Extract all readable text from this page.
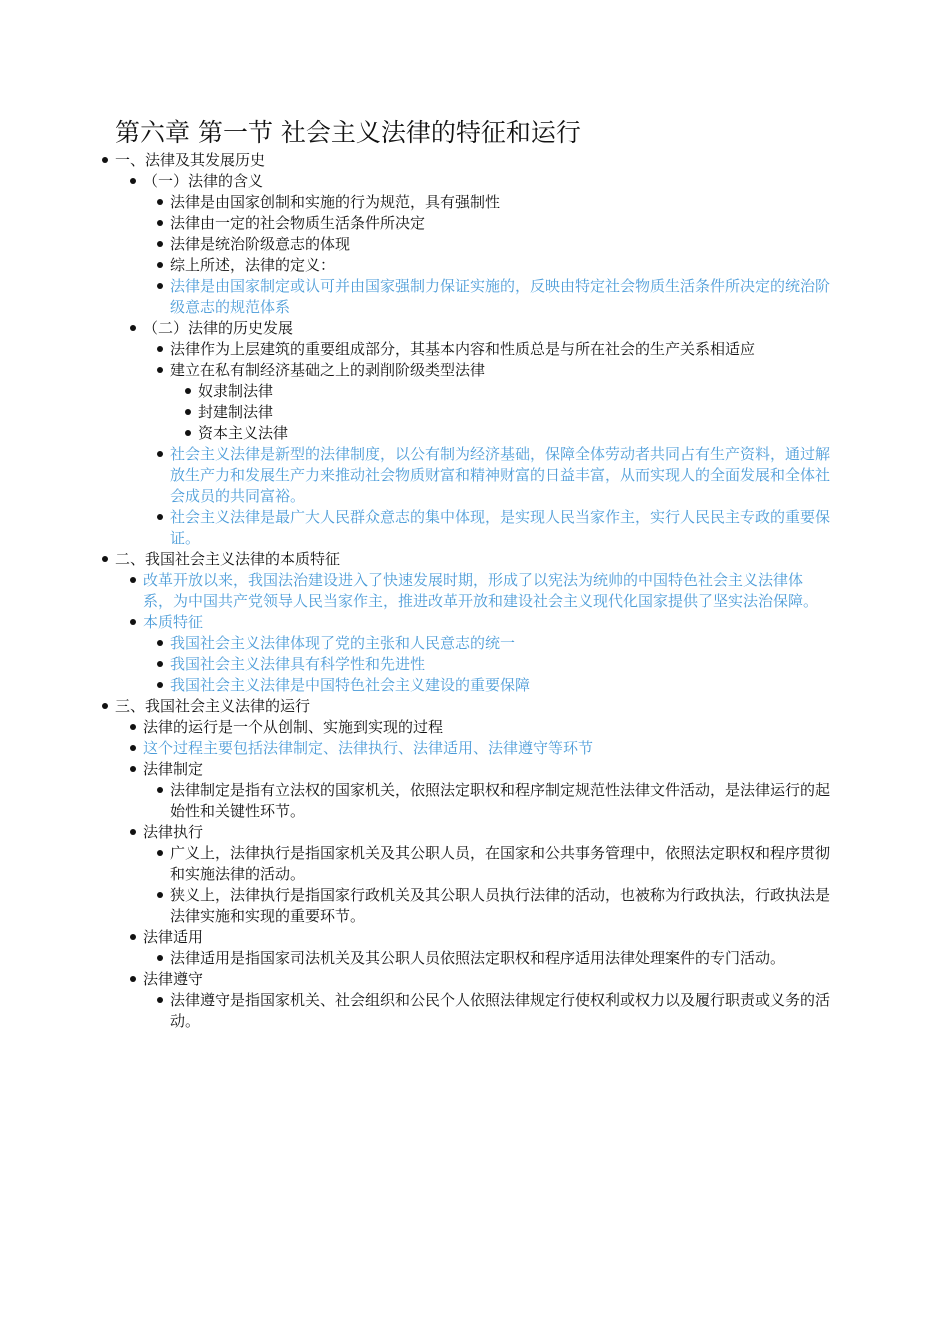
第六章 第一节 社会主义法律的特征和运行
一、法律及其发展历史
（一）法律的含义
法律是由国家创制和实施的行为规范，具有强制性
法律由一定的社会物质生活条件所决定
法律是统治阶级意志的体现
综上所述，法律的定义：
法律是由国家制定或认可并由国家强制力保证实施的，反映由特定社会物质生活条件所决定的统治阶级意志的规范体系
（二）法律的历史发展
法律作为上层建筑的重要组成部分，其基本内容和性质总是与所在社会的生产关系相适应
建立在私有制经济基础之上的剥削阶级类型法律
奴隶制法律
封建制法律
资本主义法律
社会主义法律是新型的法律制度，以公有制为经济基础，保障全体劳动者共同占有生产资料，通过解放生产力和发展生产力来推动社会物质财富和精神财富的日益丰富，从而实现人的全面发展和全体社会成员的共同富裕。
社会主义法律是最广大人民群众意志的集中体现，是实现人民当家作主，实行人民民主专政的重要保证。
二、我国社会主义法律的本质特征
改革开放以来，我国法治建设进入了快速发展时期，形成了以宪法为统帅的中国特色社会主义法律体系，为中国共产党领导人民当家作主，推进改革开放和建设社会主义现代化国家提供了坚实法治保障。
本质特征
我国社会主义法律体现了党的主张和人民意志的统一
我国社会主义法律具有科学性和先进性
我国社会主义法律是中国特色社会主义建设的重要保障
三、我国社会主义法律的运行
法律的运行是一个从创制、实施到实现的过程
这个过程主要包括法律制定、法律执行、法律适用、法律遵守等环节
法律制定
法律制定是指有立法权的国家机关，依照法定职权和程序制定规范性法律文件活动，是法律运行的起始性和关键性环节。
法律执行
广义上，法律执行是指国家机关及其公职人员，在国家和公共事务管理中，依照法定职权和程序贯彻和实施法律的活动。
狭义上，法律执行是指国家行政机关及其公职人员执行法律的活动，也被称为行政执法，行政执法是法律实施和实现的重要环节。
法律适用
法律适用是指国家司法机关及其公职人员依照法定职权和程序适用法律处理案件的专门活动。
法律遵守
法律遵守是指国家机关、社会组织和公民个人依照法律规定行使权利或权力以及履行职责或义务的活动。
